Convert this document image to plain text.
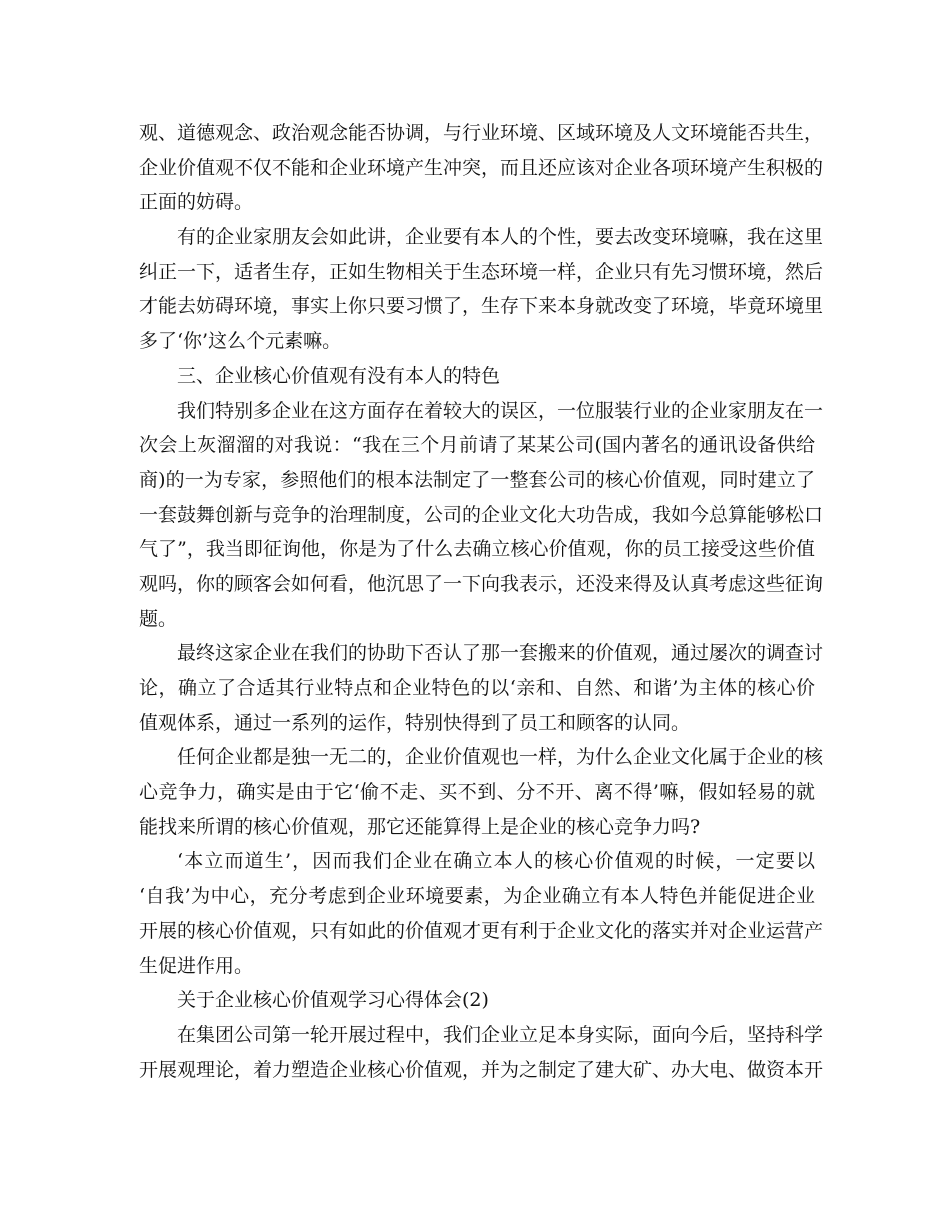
观、道德观念、政治观念能否协调，与行业环境、区域环境及人文环境能否共生，
企业价值观不仅不能和企业环境产生冲突，而且还应该对企业各项环境产生积极的
正面的妨碍。
有的企业家朋友会如此讲，企业要有本人的个性，要去改变环境嘛，我在这里
纠正一下，适者生存，正如生物相关于生态环境一样，企业只有先习惯环境，然后
才能去妨碍环境，事实上你只要习惯了，生存下来本身就改变了环境，毕竟环境里
多了‘你’这么个元素嘛。
三、企业核心价值观有没有本人的特色
我们特别多企业在这方面存在着较大的误区，一位服装行业的企业家朋友在一
次会上灰溜溜的对我说：“我在三个月前请了某某公司(国内著名的通讯设备供给
商)的一为专家，参照他们的根本法制定了一整套公司的核心价值观，同时建立了
一套鼓舞创新与竞争的治理制度，公司的企业文化大功告成，我如今总算能够松口
气了”，我当即征询他，你是为了什么去确立核心价值观，你的员工接受这些价值
观吗，你的顾客会如何看，他沉思了一下向我表示，还没来得及认真考虑这些征询
题。
最终这家企业在我们的协助下否认了那一套搬来的价值观，通过屡次的调查讨
论，确立了合适其行业特点和企业特色的以‘亲和、自然、和谐’为主体的核心价
值观体系，通过一系列的运作，特别快得到了员工和顾客的认同。
任何企业都是独一无二的，企业价值观也一样，为什么企业文化属于企业的核
心竞争力，确实是由于它‘偷不走、买不到、分不开、离不得’嘛，假如轻易的就
能找来所谓的核心价值观，那它还能算得上是企业的核心竞争力吗?
‘本立而道生’，因而我们企业在确立本人的核心价值观的时候，一定要以
‘自我’为中心，充分考虑到企业环境要素，为企业确立有本人特色并能促进企业
开展的核心价值观，只有如此的价值观才更有利于企业文化的落实并对企业运营产
生促进作用。
关于企业核心价值观学习心得体会(2)
在集团公司第一轮开展过程中，我们企业立足本身实际，面向今后，坚持科学
开展观理论，着力塑造企业核心价值观，并为之制定了建大矿、办大电、做资本开
